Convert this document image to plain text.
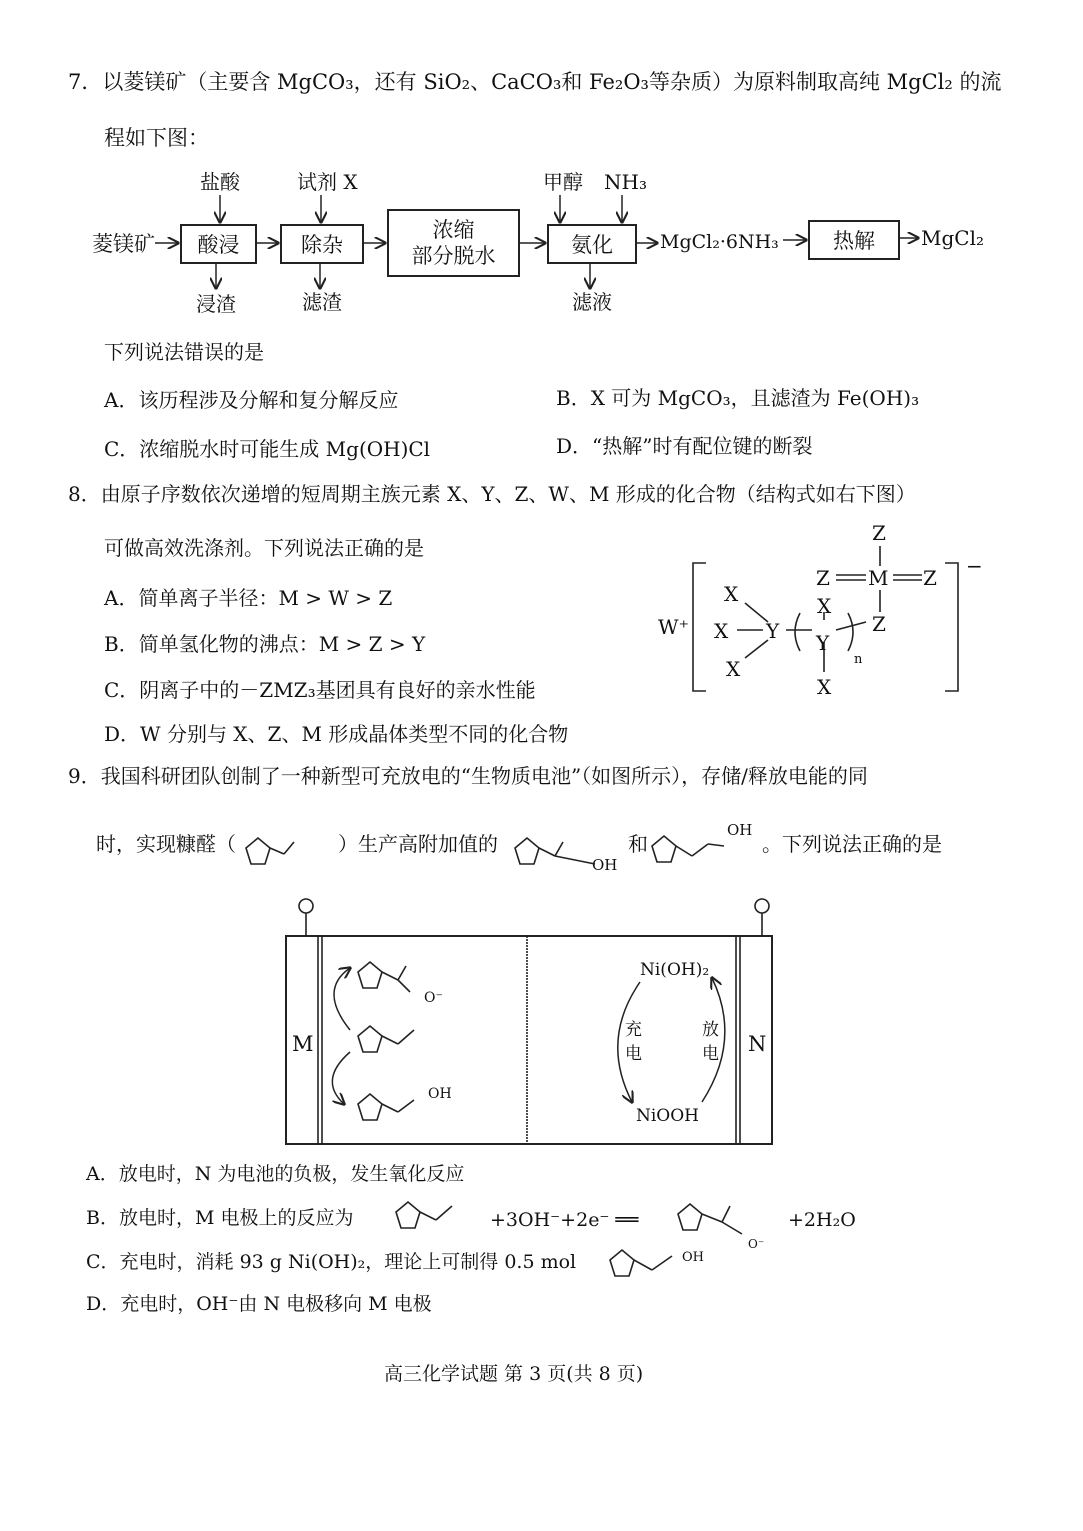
7．以菱镁矿（主要含 MgCO₃，还有 SiO₂、CaCO₃和 Fe₂O₃等杂质）为原料制取高纯 MgCl₂ 的流
程如下图：
盐酸	试剂 X	甲醇 NH₃
菱镁矿	酸浸	除杂
浓缩
部分脱水	氨化	MgCl₂·6NH₃	热解	MgCl₂
浸渣	滤渣	滤液
下列说法错误的是
A．该历程涉及分解和复分解反应	B．X 可为 MgCO₃，且滤渣为 Fe(OH)₃
C．浓缩脱水时可能生成 Mg(OH)Cl	D．“热解”时有配位键的断裂
8．由原子序数依次递增的短周期主族元素 X、Y、Z、W、M 形成的化合物（结构式如右下图）
可做高效洗涤剂。下列说法正确的是
A．简单离子半径：M > W > Z
B．简单氢化物的沸点：M > Z > Y
C．阴离子中的－ZMZ₃基团具有良好的亲水性能
D．W 分别与 X、Z、M 形成晶体类型不同的化合物
W⁺
−
Z
Z M Z
X
Z
X
X
X
Y Y
X
n
9．我国科研团队创制了一种新型可充放电的“生物质电池”（如图所示），存储/释放电能的同
时，实现糠醛（	）生产高附加值的	和	。下列说法正确的是
OH
OH
M	N
O⁻
OH
Ni(OH)₂
NiOOH
充
电
放
电
A．放电时，N 为电池的负极，发生氧化反应
B．放电时，M 电极上的反应为	+3OH⁻+2e⁻ ══	+2H₂O
C．充电时，消耗 93 g Ni(OH)₂，理论上可制得 0.5 mol
D．充电时，OH⁻由 N 电极移向 M 电极
O⁻
OH
高三化学试题 第 3 页(共 8 页)
